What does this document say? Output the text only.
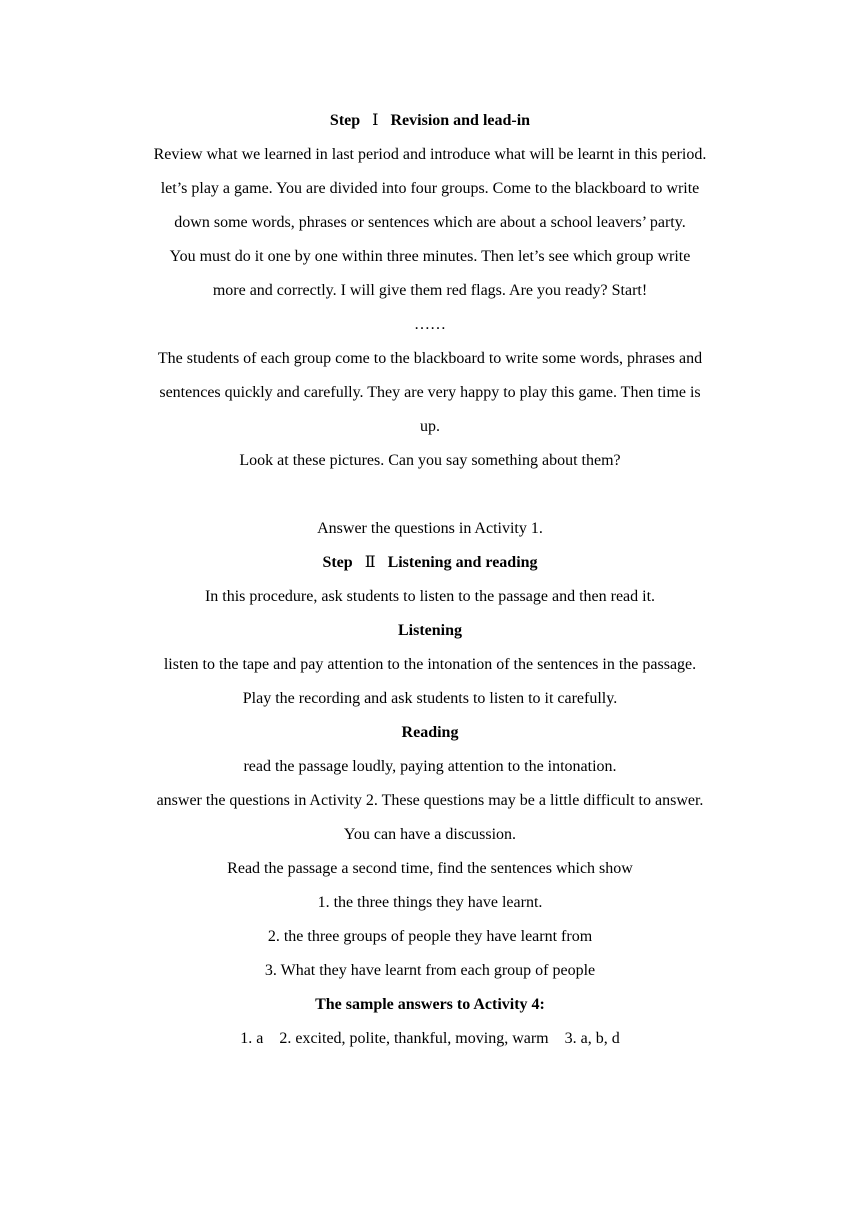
Step Ⅰ Revision and lead-in
Review what we learned in last period and introduce what will be learnt in this period.
let’s play a game. You are divided into four groups. Come to the blackboard to write
down some words, phrases or sentences which are about a school leavers’ party.
You must do it one by one within three minutes. Then let’s see which group write
more and correctly. I will give them red flags. Are you ready? Start!
……
The students of each group come to the blackboard to write some words, phrases and
sentences quickly and carefully. They are very happy to play this game. Then time is
up.
Look at these pictures. Can you say something about them?
Answer the questions in Activity 1.
Step Ⅱ Listening and reading
In this procedure, ask students to listen to the passage and then read it.
Listening
listen to the tape and pay attention to the intonation of the sentences in the passage.
Play the recording and ask students to listen to it carefully.
Reading
read the passage loudly, paying attention to the intonation.
answer the questions in Activity 2. These questions may be a little difficult to answer.
You can have a discussion.
Read the passage a second time, find the sentences which show
1. the three things they have learnt.
2. the three groups of people they have learnt from
3. What they have learnt from each group of people
The sample answers to Activity 4:
1. a    2. excited, polite, thankful, moving, warm    3. a, b, d
